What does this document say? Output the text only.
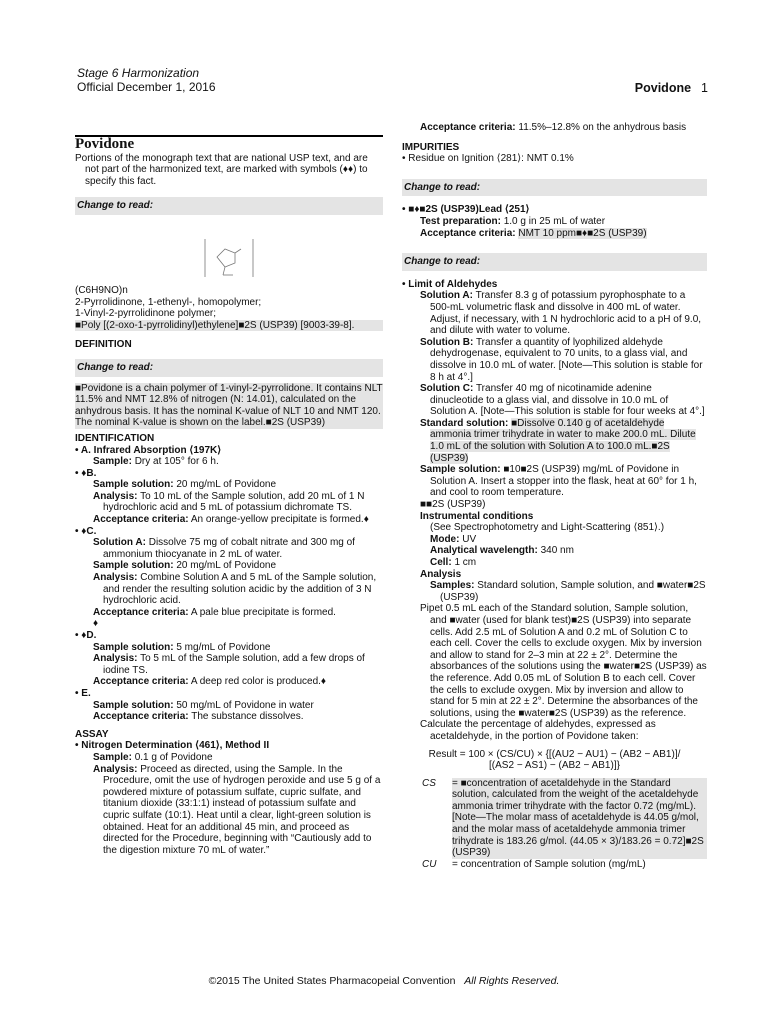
Stage 6 Harmonization
Official December 1, 2016	Povidone 1
Povidone

Portions of the monograph text that are national USP text, and are not part of the harmonized text, are marked with symbols (♦♦) to specify this fact.

Change to read:

(C6H9NO)n

2-Pyrrolidinone, 1-ethenyl-, homopolymer;

1-Vinyl-2-pyrrolidinone polymer;

■Poly [(2-oxo-1-pyrrolidinyl)ethylene]■2S (USP39) [9003-39-8].

DEFINITION

Change to read:

■Povidone is a chain polymer of 1-vinyl-2-pyrrolidone. It contains NLT 11.5% and NMT 12.8% of nitrogen (N: 14.01), calculated on the anhydrous basis. It has the nominal K-value of NLT 10 and NMT 120. The nominal K-value is shown on the label.■2S (USP39)

IDENTIFICATION

• A. Infrared Absorption ⟨197K⟩

Sample: Dry at 105° for 6 h.

• ♦B.

Sample solution: 20 mg/mL of Povidone

Analysis: To 10 mL of the Sample solution, add 20 mL of 1 N hydrochloric acid and 5 mL of potassium dichromate TS.

Acceptance criteria: An orange-yellow precipitate is formed.♦

• ♦C.

Solution A: Dissolve 75 mg of cobalt nitrate and 300 mg of ammonium thiocyanate in 2 mL of water.

Sample solution: 20 mg/mL of Povidone

Analysis: Combine Solution A and 5 mL of the Sample solution, and render the resulting solution acidic by the addition of 3 N hydrochloric acid.

Acceptance criteria: A pale blue precipitate is formed.

♦

• ♦D.

Sample solution: 5 mg/mL of Povidone

Analysis: To 5 mL of the Sample solution, add a few drops of iodine TS.

Acceptance criteria: A deep red color is produced.♦

• E.

Sample solution: 50 mg/mL of Povidone in water

Acceptance criteria: The substance dissolves.

ASSAY

• Nitrogen Determination ⟨461⟩, Method II

Sample: 0.1 g of Povidone

Analysis: Proceed as directed, using the Sample. In the Procedure, omit the use of hydrogen peroxide and use 5 g of a powdered mixture of potassium sulfate, cupric sulfate, and titanium dioxide (33:1:1) instead of potassium sulfate and cupric sulfate (10:1). Heat until a clear, light-green solution is obtained. Heat for an additional 45 min, and proceed as directed for the Procedure, beginning with “Cautiously add to the digestion mixture 70 mL of water.”

Acceptance criteria: 11.5%–12.8% on the anhydrous basis

IMPURITIES

• Residue on Ignition ⟨281⟩: NMT 0.1%

Change to read:

• ■♦■2S (USP39)Lead ⟨251⟩

Test preparation: 1.0 g in 25 mL of water

Acceptance criteria: NMT 10 ppm■♦■2S (USP39)

Change to read:

• Limit of Aldehydes

Solution A: Transfer 8.3 g of potassium pyrophosphate to a 500-mL volumetric flask and dissolve in 400 mL of water. Adjust, if necessary, with 1 N hydrochloric acid to a pH of 9.0, and dilute with water to volume.

Solution B: Transfer a quantity of lyophilized aldehyde dehydrogenase, equivalent to 70 units, to a glass vial, and dissolve in 10.0 mL of water. [Note—This solution is stable for 8 h at 4°.]

Solution C: Transfer 40 mg of nicotinamide adenine dinucleotide to a glass vial, and dissolve in 10.0 mL of Solution A. [Note—This solution is stable for four weeks at 4°.]

Standard solution: ■Dissolve 0.140 g of acetaldehyde ammonia trimer trihydrate in water to make 200.0 mL. Dilute 1.0 mL of the solution with Solution A to 100.0 mL.■2S (USP39)

Sample solution: ■10■2S (USP39) mg/mL of Povidone in Solution A. Insert a stopper into the flask, heat at 60° for 1 h, and cool to room temperature.

■■2S (USP39)

Instrumental conditions

(See Spectrophotometry and Light-Scattering ⟨851⟩.)

Mode: UV

Analytical wavelength: 340 nm

Cell: 1 cm

Analysis

Samples: Standard solution, Sample solution, and ■water■2S (USP39)

Pipet 0.5 mL each of the Standard solution, Sample solution, and ■water (used for blank test)■2S (USP39) into separate cells. Add 2.5 mL of Solution A and 0.2 mL of Solution C to each cell. Cover the cells to exclude oxygen. Mix by inversion and allow to stand for 2–3 min at 22 ± 2°. Determine the absorbances of the solutions using the ■water■2S (USP39) as the reference. Add 0.05 mL of Solution B to each cell. Cover the cells to exclude oxygen. Mix by inversion and allow to stand for 5 min at 22 ± 2°. Determine the absorbances of the solutions, using the ■water■2S (USP39) as the reference.

Calculate the percentage of aldehydes, expressed as acetaldehyde, in the portion of Povidone taken:

Result = 100 × (CS/CU) × {[(AU2 − AU1) − (AB2 − AB1)]/
[(AS2 − AS1) − (AB2 − AB1)]}
CS	= ■concentration of acetaldehyde in the Standard solution, calculated from the weight of the acetaldehyde ammonia trimer trihydrate with the factor 0.72 (mg/mL). [Note—The molar mass of acetaldehyde is 44.05 g/mol, and the molar mass of acetaldehyde ammonia trimer trihydrate is 183.26 g/mol. (44.05 × 3)/183.26 = 0.72]■2S (USP39)
CU	= concentration of Sample solution (mg/mL)
©2015 The United States Pharmacopeial Convention All Rights Reserved.
